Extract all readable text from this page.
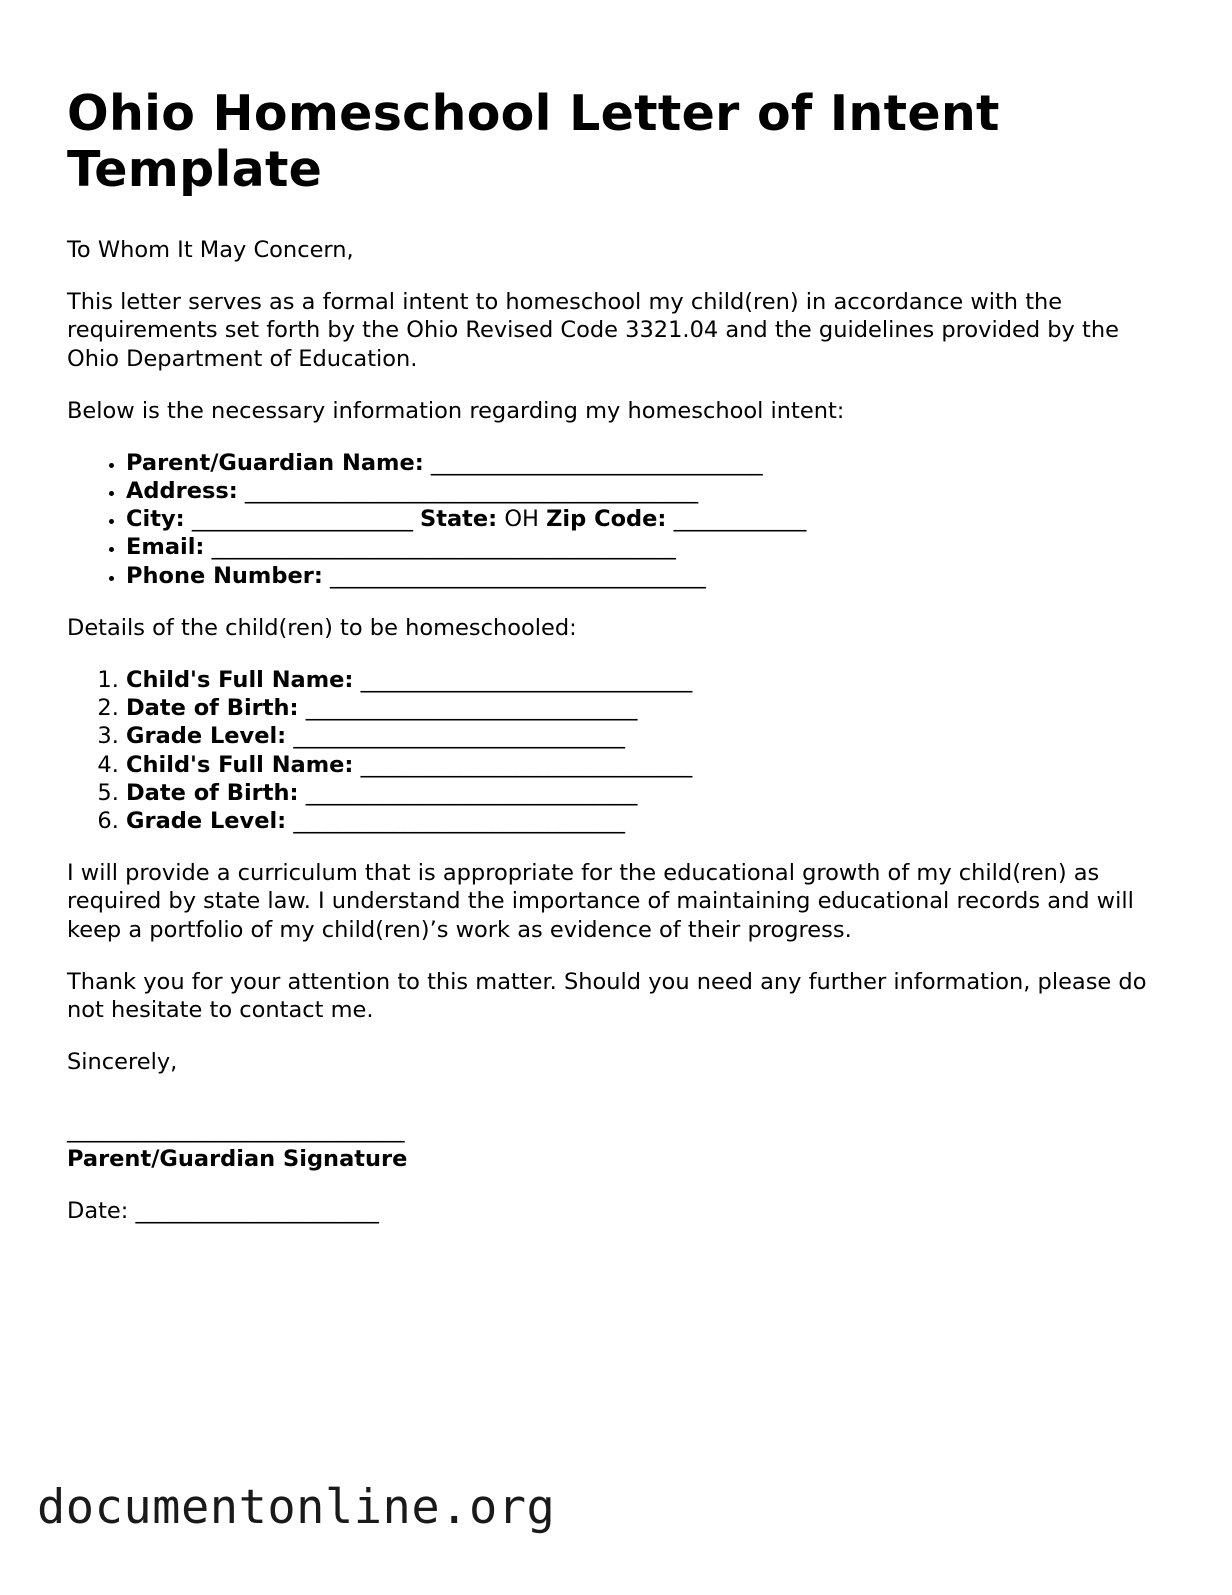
Ohio Homeschool Letter of Intent Template

To Whom It May Concern,

This letter serves as a formal intent to homeschool my child(ren) in accordance with the requirements set forth by the Ohio Revised Code 3321.04 and the guidelines provided by the Ohio Department of Education.

Below is the necessary information regarding my homeschool intent:

• Parent/Guardian Name: ______________________________
• Address: _________________________________________
• City: ____________________ State: OH Zip Code: ____________
• Email: __________________________________________
• Phone Number: __________________________________

Details of the child(ren) to be homeschooled:

1. Child's Full Name: ______________________________
2. Date of Birth: ______________________________
3. Grade Level: ______________________________
4. Child's Full Name: ______________________________
5. Date of Birth: ______________________________
6. Grade Level: ______________________________

I will provide a curriculum that is appropriate for the educational growth of my child(ren) as required by state law. I understand the importance of maintaining educational records and will keep a portfolio of my child(ren)’s work as evidence of their progress.

Thank you for your attention to this matter. Should you need any further information, please do not hesitate to contact me.

Sincerely,

______________________________
Parent/Guardian Signature

Date: ______________________

documentonline.org
